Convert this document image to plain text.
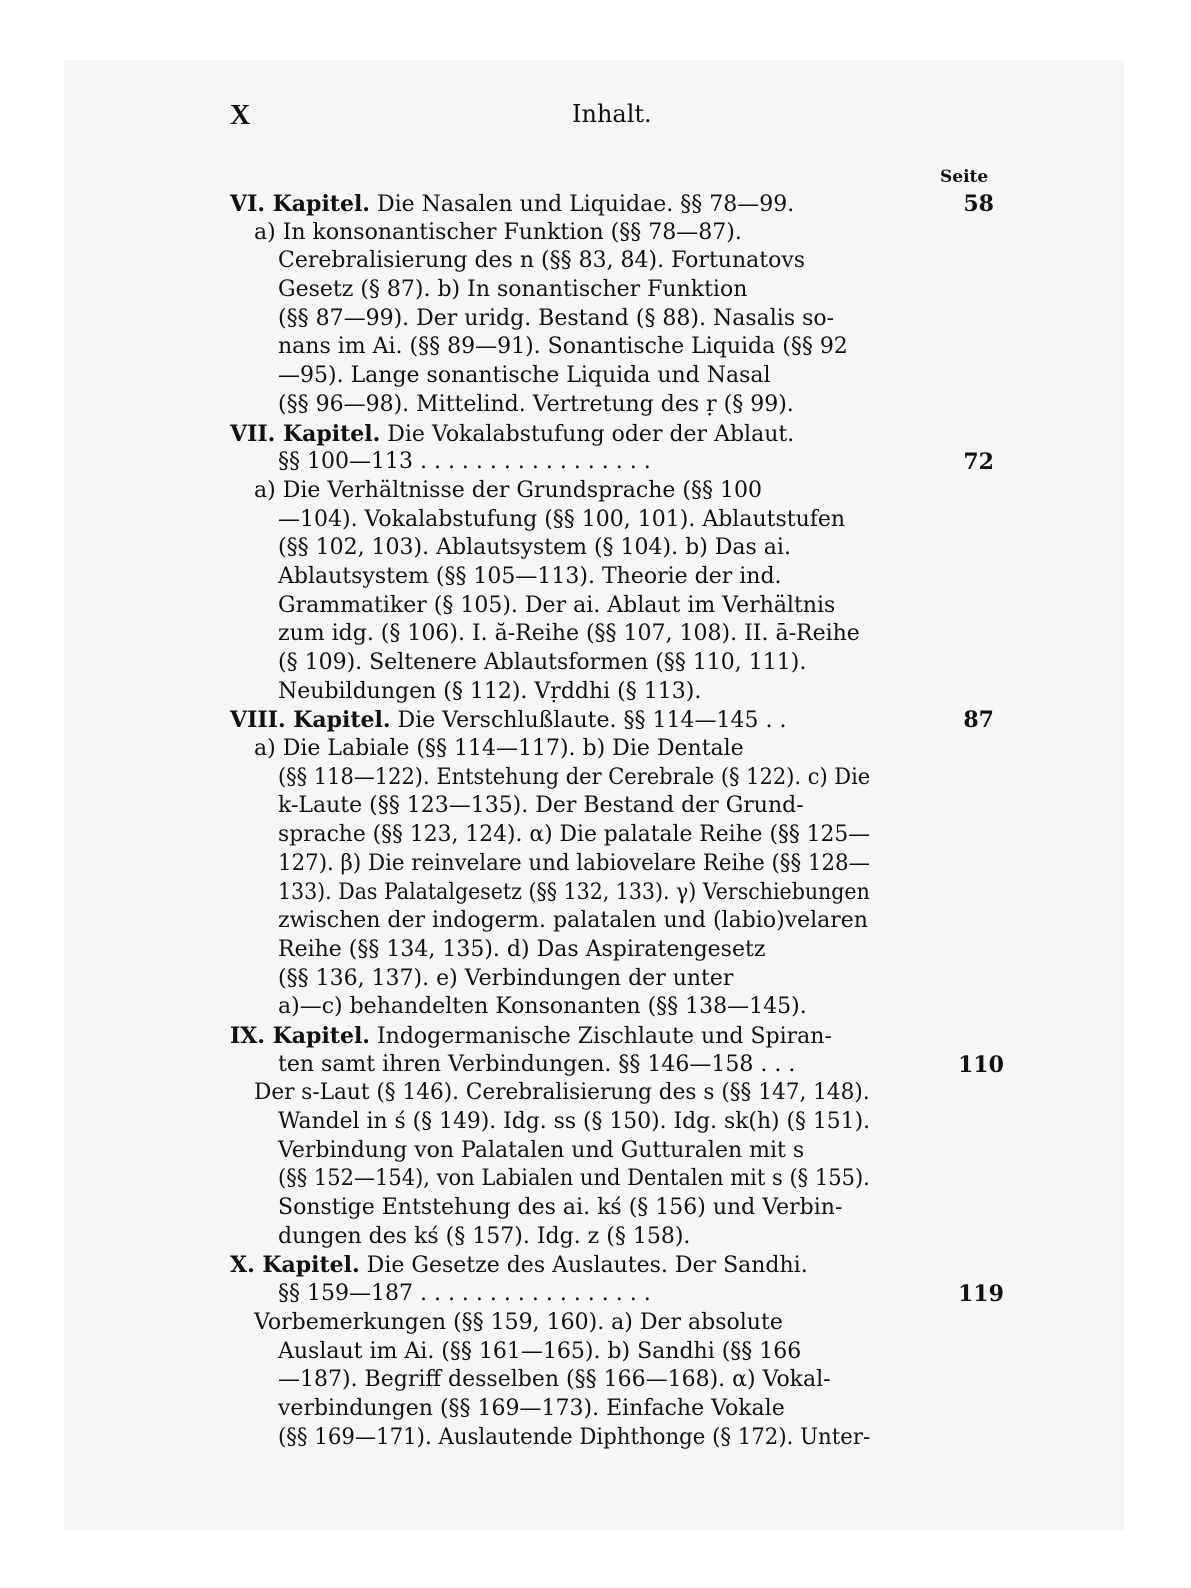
X	Inhalt.
Seite
VI. Kapitel. Die Nasalen und Liquidae. §§ 78—99.	58
a) In konsonantischer Funktion (§§ 78—87).
Cerebralisierung des n (§§ 83, 84). Fortunatovs
Gesetz (§ 87). b) In sonantischer Funktion
(§§ 87—99). Der uridg. Bestand (§ 88). Nasalis so-
nans im Ai. (§§ 89—91). Sonantische Liquida (§§ 92
—95). Lange sonantische Liquida und Nasal
(§§ 96—98). Mittelind. Vertretung des ṛ (§ 99).
VII. Kapitel. Die Vokalabstufung oder der Ablaut.
§§ 100—113 . . . . . . . . . . . . . . . . .	72
a) Die Verhältnisse der Grundsprache (§§ 100
—104). Vokalabstufung (§§ 100, 101). Ablautstufen
(§§ 102, 103). Ablautsystem (§ 104). b) Das ai.
Ablautsystem (§§ 105—113). Theorie der ind.
Grammatiker (§ 105). Der ai. Ablaut im Verhältnis
zum idg. (§ 106). I. ă-Reihe (§§ 107, 108). II. ā-Reihe
(§ 109). Seltenere Ablautsformen (§§ 110, 111).
Neubildungen (§ 112). Vṛddhi (§ 113).
VIII. Kapitel. Die Verschlußlaute. §§ 114—145 . .	87
a) Die Labiale (§§ 114—117). b) Die Dentale
(§§ 118—122). Entstehung der Cerebrale (§ 122). c) Die
k-Laute (§§ 123—135). Der Bestand der Grund-
sprache (§§ 123, 124). α) Die palatale Reihe (§§ 125—
127). β) Die reinvelare und labiovelare Reihe (§§ 128—
133). Das Palatalgesetz (§§ 132, 133). γ) Verschiebungen
zwischen der indogerm. palatalen und (labio)velaren
Reihe (§§ 134, 135). d) Das Aspiratengesetz
(§§ 136, 137). e) Verbindungen der unter
a)—c) behandelten Konsonanten (§§ 138—145).
IX. Kapitel. Indogermanische Zischlaute und Spiran-
ten samt ihren Verbindungen. §§ 146—158 . . .	110
Der s-Laut (§ 146). Cerebralisierung des s (§§ 147, 148).
Wandel in ś (§ 149). Idg. ss (§ 150). Idg. sk(h) (§ 151).
Verbindung von Palatalen und Gutturalen mit s
(§§ 152—154), von Labialen und Dentalen mit s (§ 155).
Sonstige Entstehung des ai. kś (§ 156) und Verbin-
dungen des kś (§ 157). Idg. z (§ 158).
X. Kapitel. Die Gesetze des Auslautes. Der Sandhi.
§§ 159—187 . . . . . . . . . . . . . . . . .	119
Vorbemerkungen (§§ 159, 160). a) Der absolute
Auslaut im Ai. (§§ 161—165). b) Sandhi (§§ 166
—187). Begriff desselben (§§ 166—168). α) Vokal-
verbindungen (§§ 169—173). Einfache Vokale
(§§ 169—171). Auslautende Diphthonge (§ 172). Unter-
